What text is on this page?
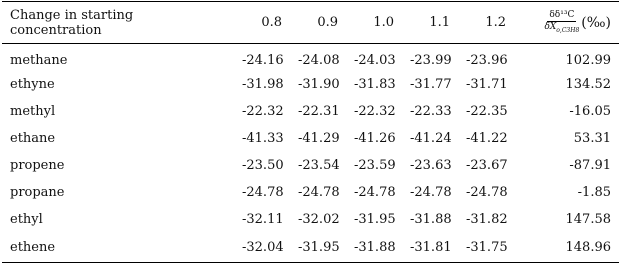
Change in starting concentration	0.8	0.9	1.0	1.1	1.2	$\frac{\text{δδ¹³C}}{\delta X_{o,C3H8}}$ (‰)
methane	-24.16	-24.08	-24.03	-23.99	-23.96	102.99
ethyne	-31.98	-31.90	-31.83	-31.77	-31.71	134.52
methyl	-22.32	-22.31	-22.32	-22.33	-22.35	-16.05
ethane	-41.33	-41.29	-41.26	-41.24	-41.22	53.31
propene	-23.50	-23.54	-23.59	-23.63	-23.67	-87.91
propane	-24.78	-24.78	-24.78	-24.78	-24.78	-1.85
ethyl	-32.11	-32.02	-31.95	-31.88	-31.82	147.58
ethene	-32.04	-31.95	-31.88	-31.81	-31.75	148.96
